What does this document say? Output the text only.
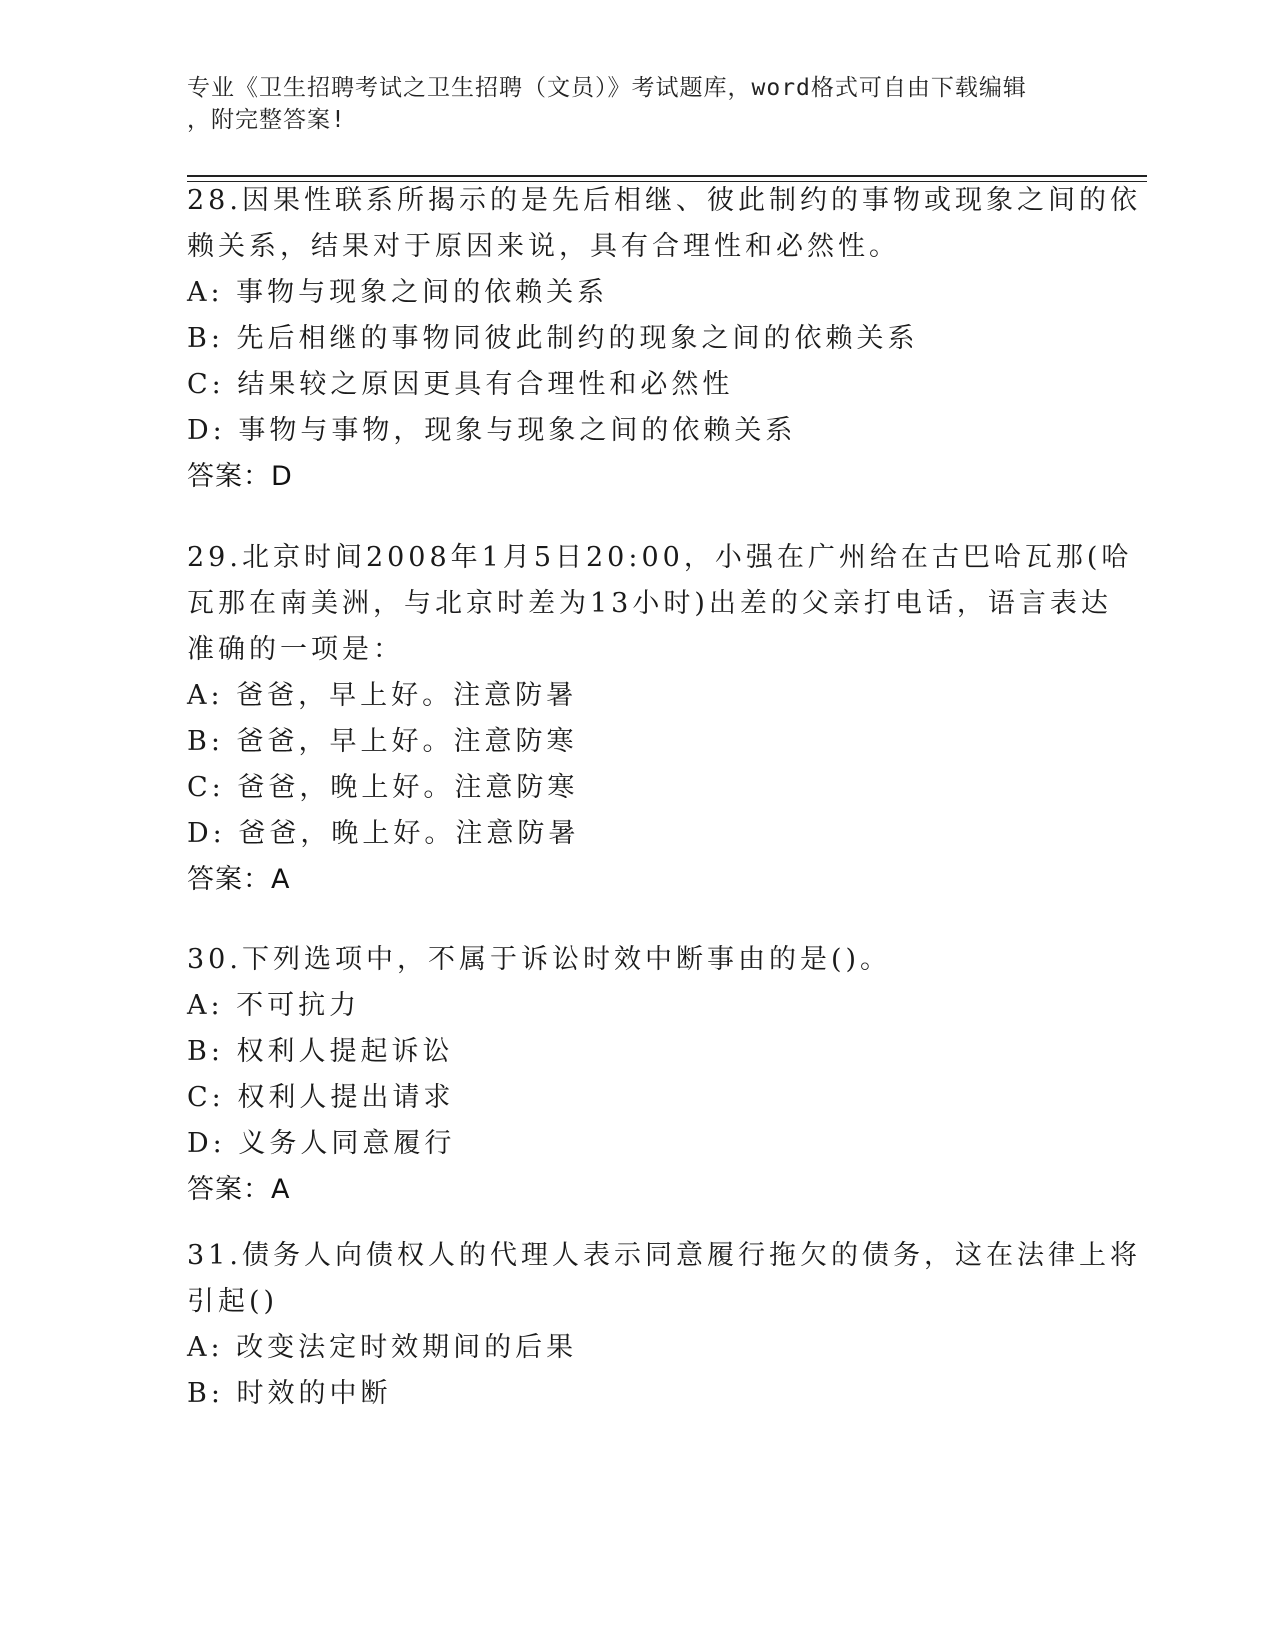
专业《卫生招聘考试之卫生招聘（文员）》考试题库，word格式可自由下载编辑
，附完整答案!
28.因果性联系所揭示的是先后相继、彼此制约的事物或现象之间的依
赖关系，结果对于原因来说，具有合理性和必然性。
A: 事物与现象之间的依赖关系
B: 先后相继的事物同彼此制约的现象之间的依赖关系
C: 结果较之原因更具有合理性和必然性
D: 事物与事物，现象与现象之间的依赖关系
答案：D
29.北京时间2008年1月5日20:00，小强在广州给在古巴哈瓦那(哈
瓦那在南美洲，与北京时差为13小时)出差的父亲打电话，语言表达
准确的一项是：
A: 爸爸，早上好。注意防暑
B: 爸爸，早上好。注意防寒
C: 爸爸，晚上好。注意防寒
D: 爸爸，晚上好。注意防暑
答案：A
30.下列选项中，不属于诉讼时效中断事由的是()。
A: 不可抗力
B: 权利人提起诉讼
C: 权利人提出请求
D: 义务人同意履行
答案：A
31.债务人向债权人的代理人表示同意履行拖欠的债务，这在法律上将
引起()
A: 改变法定时效期间的后果
B: 时效的中断
